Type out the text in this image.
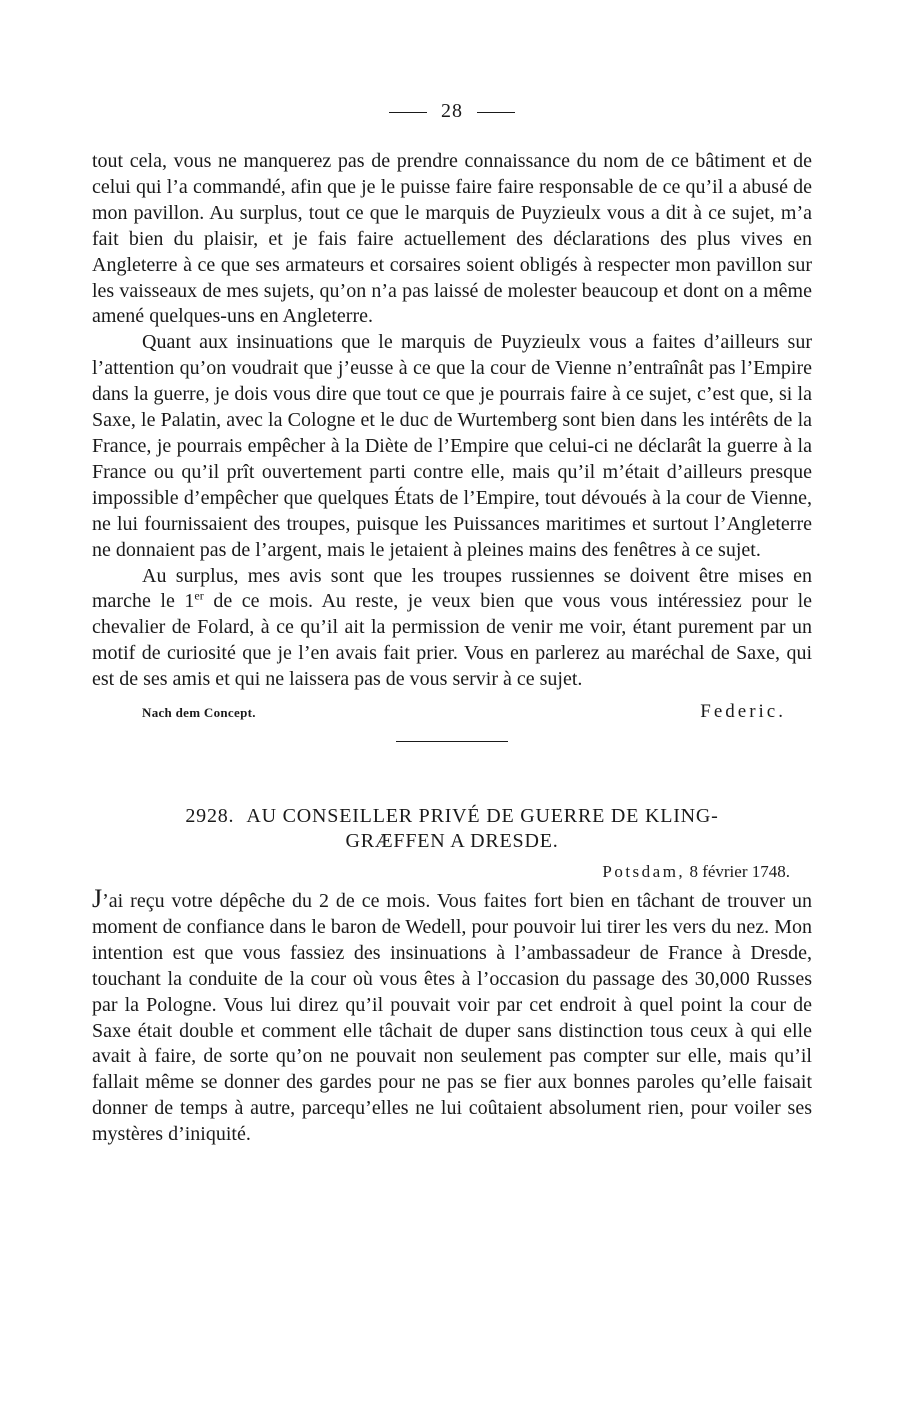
28

tout cela, vous ne manquerez pas de prendre connaissance du nom de ce bâtiment et de celui qui l’a commandé, afin que je le puisse faire faire responsable de ce qu’il a abusé de mon pavillon. Au surplus, tout ce que le marquis de Puyzieulx vous a dit à ce sujet, m’a fait bien du plaisir, et je fais faire actuellement des déclarations des plus vives en Angleterre à ce que ses armateurs et corsaires soient obligés à respecter mon pavillon sur les vaisseaux de mes sujets, qu’on n’a pas laissé de molester beaucoup et dont on a même amené quelques-uns en Angleterre.

Quant aux insinuations que le marquis de Puyzieulx vous a faites d’ailleurs sur l’attention qu’on voudrait que j’eusse à ce que la cour de Vienne n’entraînât pas l’Empire dans la guerre, je dois vous dire que tout ce que je pourrais faire à ce sujet, c’est que, si la Saxe, le Palatin, avec la Cologne et le duc de Wurtemberg sont bien dans les intérêts de la France, je pourrais empêcher à la Diète de l’Empire que celui-ci ne déclarât la guerre à la France ou qu’il prît ouvertement parti contre elle, mais qu’il m’était d’ailleurs presque impossible d’empêcher que quelques États de l’Empire, tout dévoués à la cour de Vienne, ne lui fournissaient des troupes, puisque les Puissances maritimes et surtout l’Angleterre ne donnaient pas de l’argent, mais le jetaient à pleines mains des fenêtres à ce sujet.

Au surplus, mes avis sont que les troupes russiennes se doivent être mises en marche le 1er de ce mois. Au reste, je veux bien que vous vous intéressiez pour le chevalier de Folard, à ce qu’il ait la permission de venir me voir, étant purement par un motif de curiosité que je l’en avais fait prier. Vous en parlerez au maréchal de Saxe, qui est de ses amis et qui ne laissera pas de vous servir à ce sujet.

Nach dem Concept.	Federic.
2928. AU CONSEILLER PRIVÉ DE GUERRE DE KLING-
GRÆFFEN A DRESDE.
Potsdam, 8 février 1748.

J’ai reçu votre dépêche du 2 de ce mois. Vous faites fort bien en tâchant de trouver un moment de confiance dans le baron de Wedell, pour pouvoir lui tirer les vers du nez. Mon intention est que vous fassiez des insinuations à l’ambassadeur de France à Dresde, touchant la conduite de la cour où vous êtes à l’occasion du passage des 30,000 Russes par la Pologne. Vous lui direz qu’il pouvait voir par cet endroit à quel point la cour de Saxe était double et comment elle tâchait de duper sans distinction tous ceux à qui elle avait à faire, de sorte qu’on ne pouvait non seulement pas compter sur elle, mais qu’il fallait même se donner des gardes pour ne pas se fier aux bonnes paroles qu’elle faisait donner de temps à autre, parcequ’elles ne lui coûtaient absolument rien, pour voiler ses mystères d’iniquité.
